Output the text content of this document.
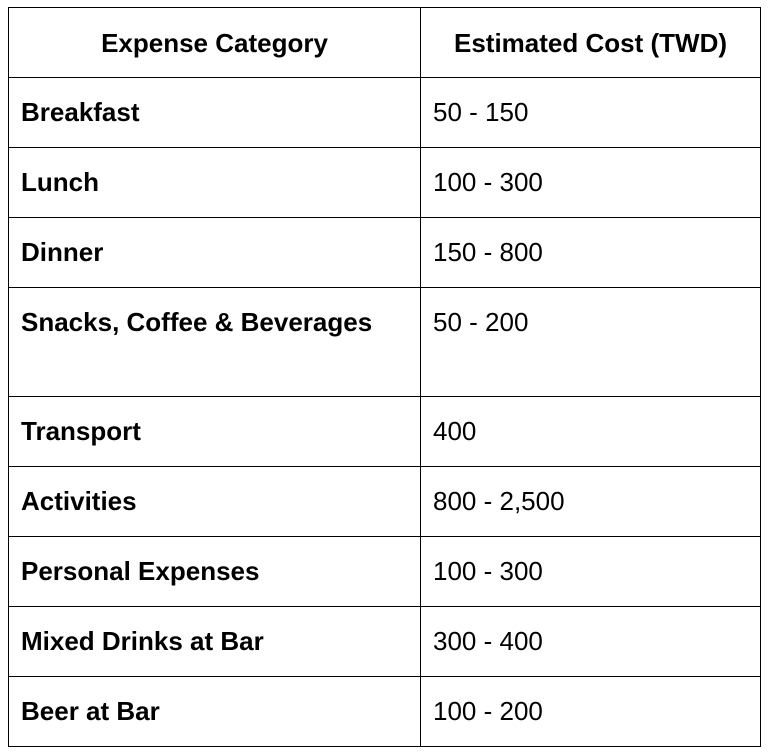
Expense Category	Estimated Cost (TWD)
Breakfast	50 - 150
Lunch	100 - 300
Dinner	150 - 800
Snacks, Coffee & Beverages	50 - 200
Transport	400
Activities	800 - 2,500
Personal Expenses	100 - 300
Mixed Drinks at Bar	300 - 400
Beer at Bar	100 - 200
